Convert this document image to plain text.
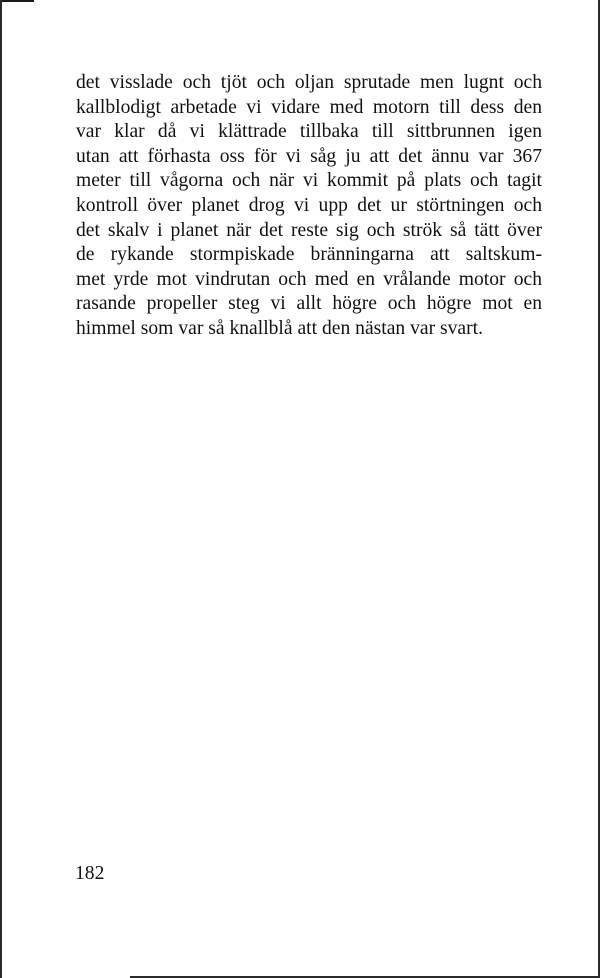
det visslade och tjöt och oljan sprutade men lugnt och
kallblodigt arbetade vi vidare med motorn till dess den
var klar då vi klättrade tillbaka till sittbrunnen igen
utan att förhasta oss för vi såg ju att det ännu var 367
meter till vågorna och när vi kommit på plats och tagit
kontroll över planet drog vi upp det ur störtningen och
det skalv i planet när det reste sig och strök så tätt över
de rykande stormpiskade bränningarna att saltskum-
met yrde mot vindrutan och med en vrålande motor och
rasande propeller steg vi allt högre och högre mot en
himmel som var så knallblå att den nästan var svart.
182
